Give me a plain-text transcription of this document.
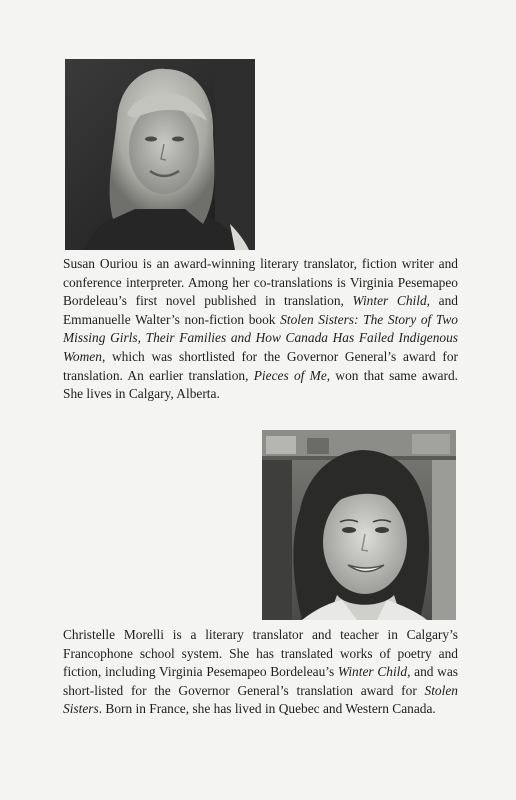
Susan Ouriou is an award-winning literary translator, fiction writer and conference interpreter. Among her co-translations is Virginia Pesemapeo Bordeleau’s first novel published in translation, Winter Child, and Emmanuelle Walter’s non-fiction book Stolen Sisters: The Story of Two Missing Girls, Their Families and How Canada Has Failed Indigenous Women, which was shortlisted for the Governor General’s award for translation. An earlier translation, Pieces of Me, won that same award. She lives in Calgary, Alberta.

Christelle Morelli is a literary translator and teacher in Calgary’s Francophone school system. She has translated works of poetry and fiction, including Virginia Pesemapeo Bordeleau’s Winter Child, and was short-listed for the Governor General’s translation award for Stolen Sisters. Born in France, she has lived in Quebec and Western Canada.
